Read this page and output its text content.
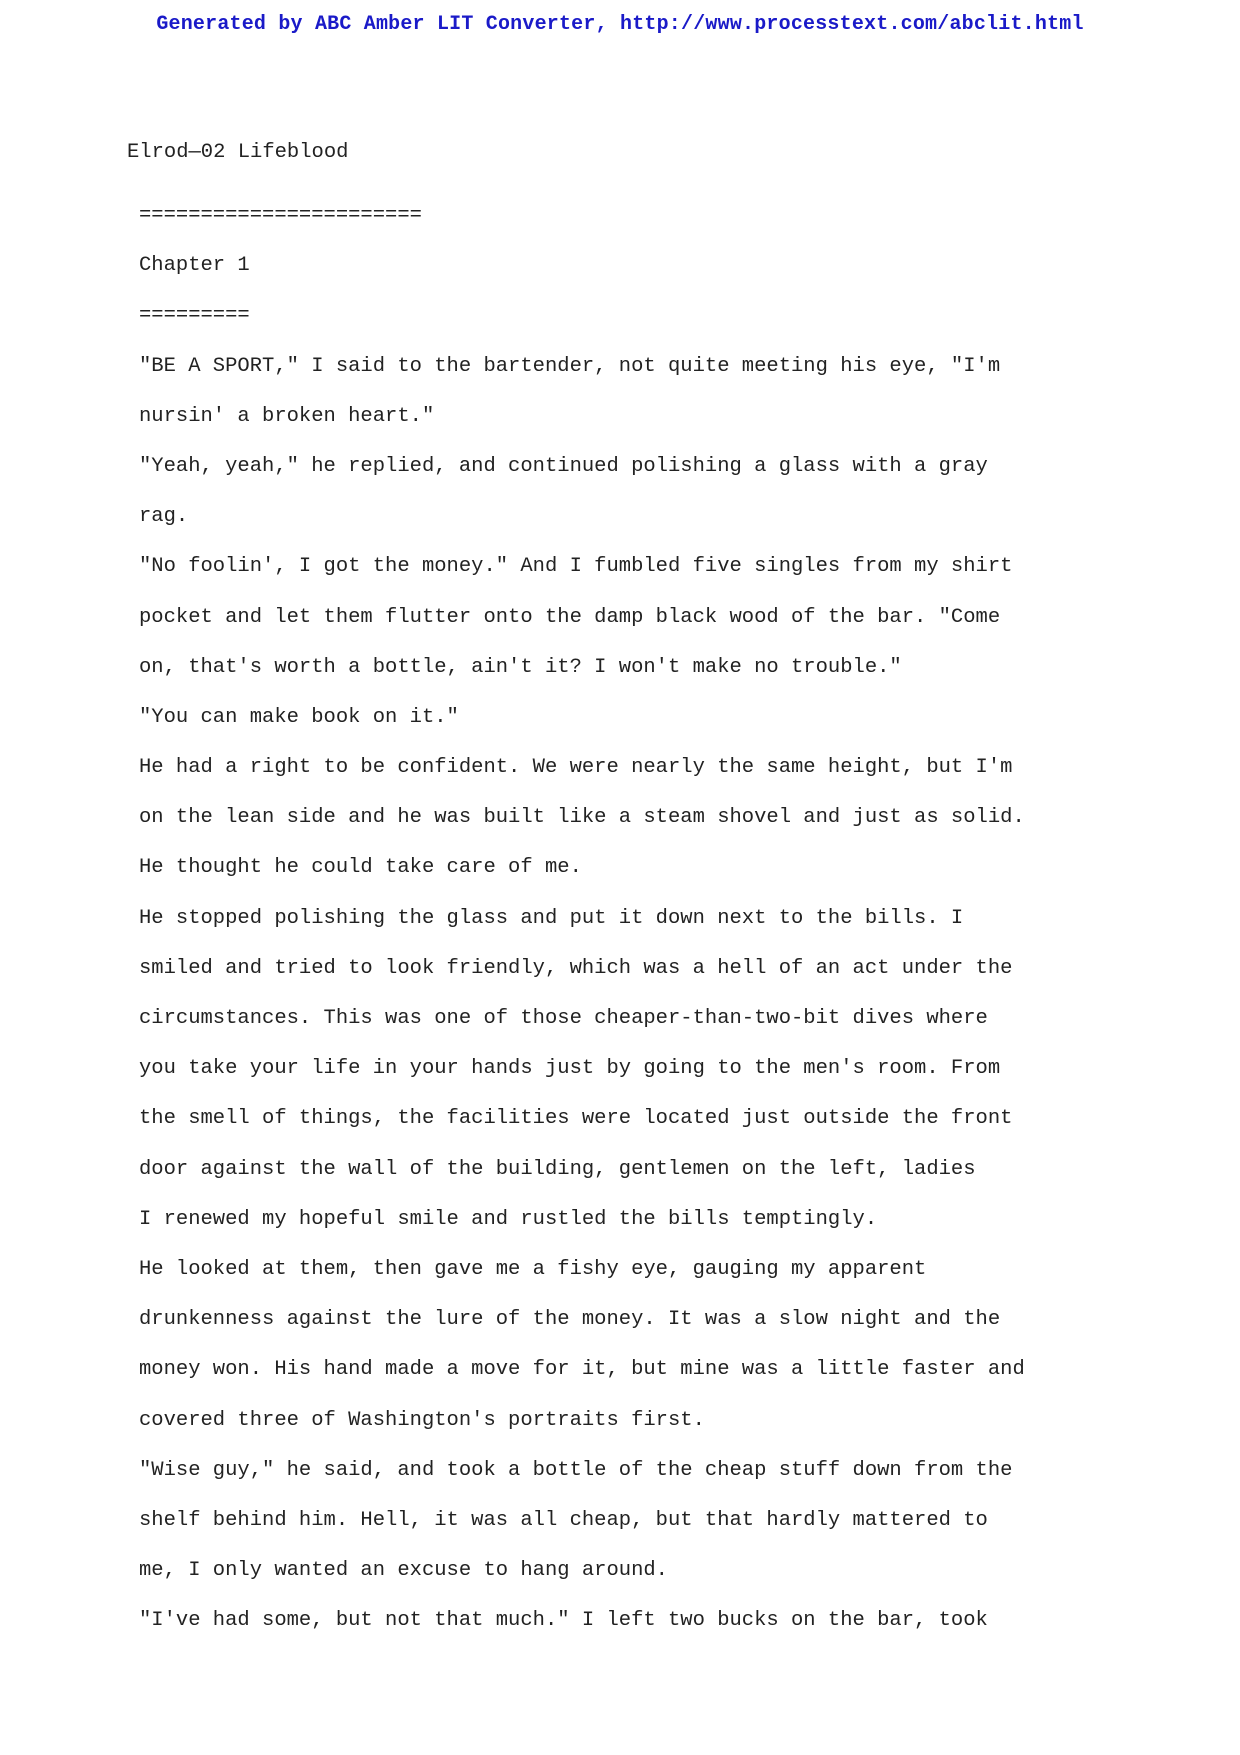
Generated by ABC Amber LIT Converter, http://www.processtext.com/abclit.html
Elrod—02 Lifeblood
=======================
Chapter 1
=========
"BE A SPORT," I said to the bartender, not quite meeting his eye, "I'm
nursin' a broken heart."
"Yeah, yeah," he replied, and continued polishing a glass with a gray
rag.
"No foolin', I got the money." And I fumbled five singles from my shirt
pocket and let them flutter onto the damp black wood of the bar. "Come
on, that's worth a bottle, ain't it? I won't make no trouble."
"You can make book on it."
He had a right to be confident. We were nearly the same height, but I'm
on the lean side and he was built like a steam shovel and just as solid.
He thought he could take care of me.
He stopped polishing the glass and put it down next to the bills. I
smiled and tried to look friendly, which was a hell of an act under the
circumstances. This was one of those cheaper-than-two-bit dives where
you take your life in your hands just by going to the men's room. From
the smell of things, the facilities were located just outside the front
door against the wall of the building, gentlemen on the left, ladies
I renewed my hopeful smile and rustled the bills temptingly.
He looked at them, then gave me a fishy eye, gauging my apparent
drunkenness against the lure of the money. It was a slow night and the
money won. His hand made a move for it, but mine was a little faster and
covered three of Washington's portraits first.
"Wise guy," he said, and took a bottle of the cheap stuff down from the
shelf behind him. Hell, it was all cheap, but that hardly mattered to
me, I only wanted an excuse to hang around.
"I've had some, but not that much." I left two bucks on the bar, took
